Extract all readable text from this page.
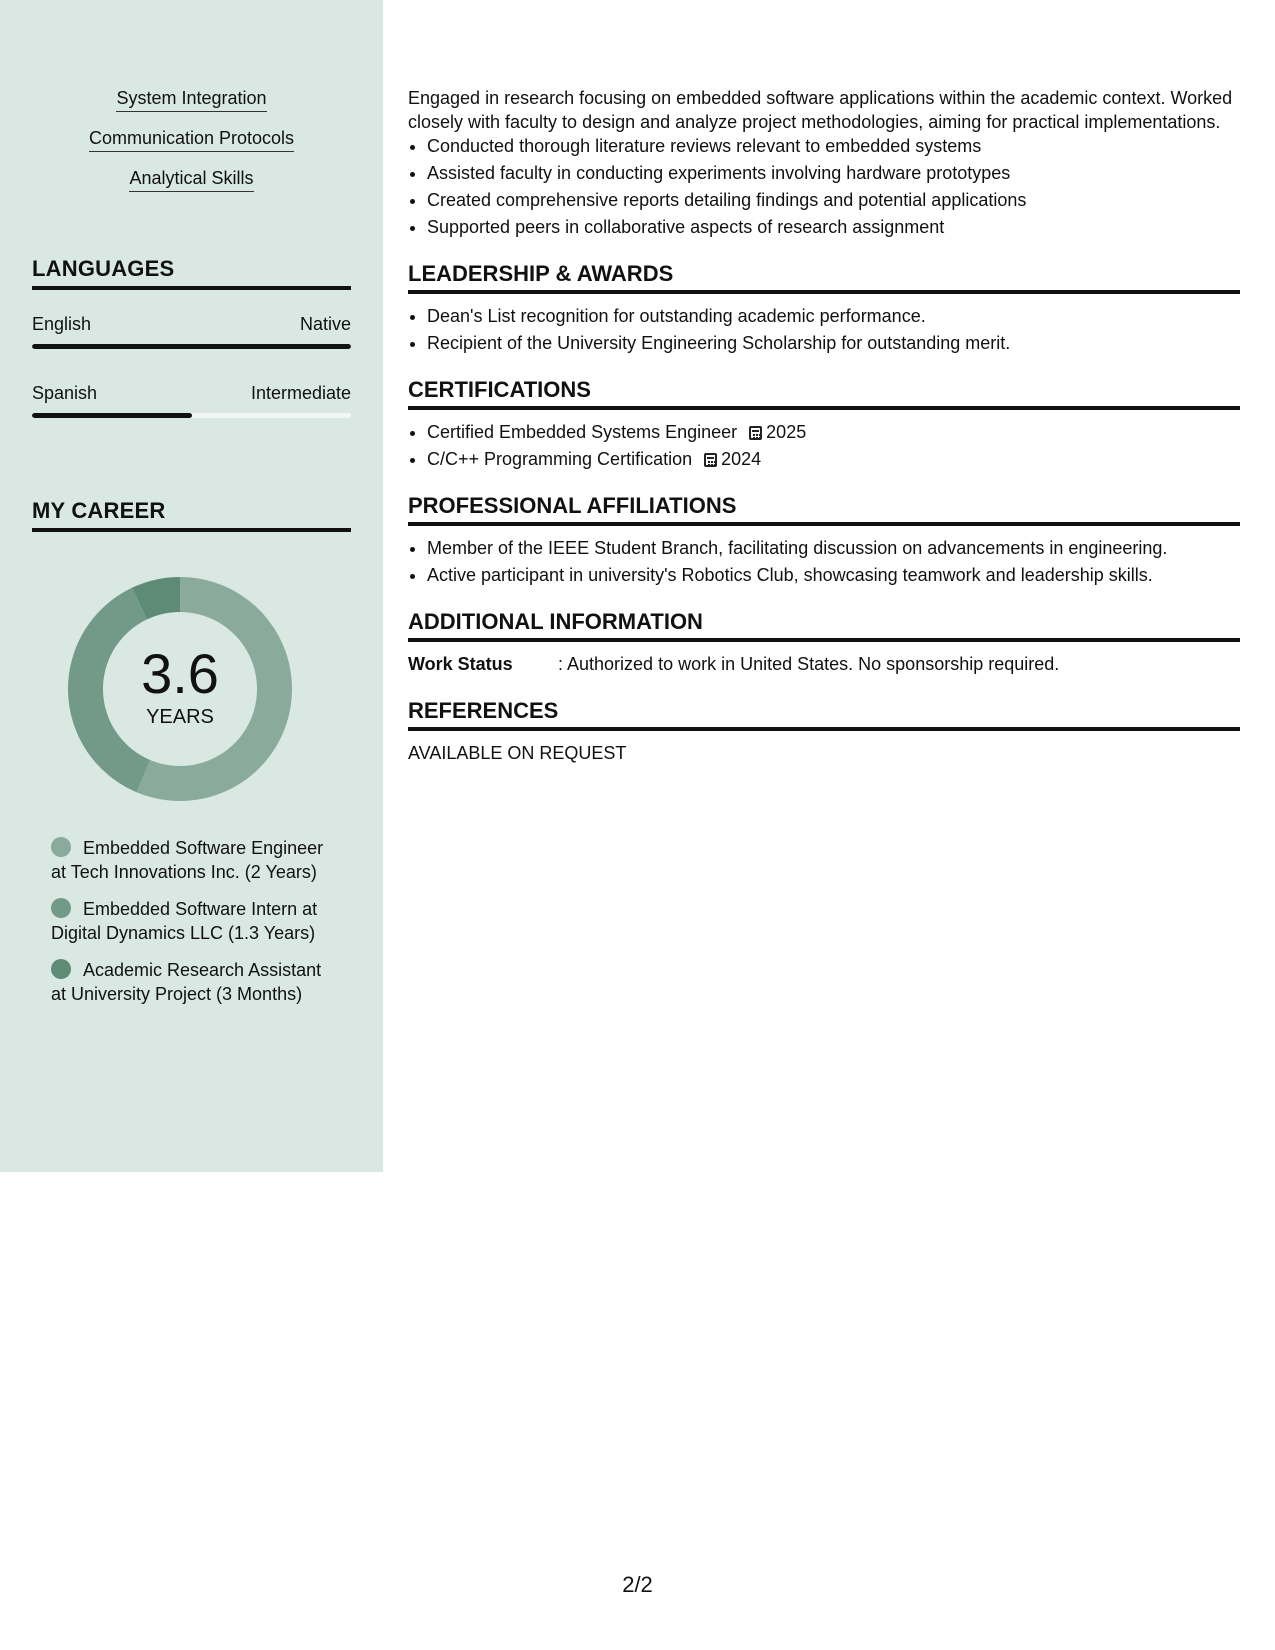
System Integration
Communication Protocols
Analytical Skills
LANGUAGES
English	Native
Spanish	Intermediate
MY CAREER
3.6
YEARS
Embedded Software Engineer at Tech Innovations Inc. (2 Years)
Embedded Software Intern at Digital Dynamics LLC (1.3 Years)
Academic Research Assistant at University Project (3 Months)

Engaged in research focusing on embedded software applications within the academic context. Worked closely with faculty to design and analyze project methodologies, aiming for practical implementations.

• Conducted thorough literature reviews relevant to embedded systems
• Assisted faculty in conducting experiments involving hardware prototypes
• Created comprehensive reports detailing findings and potential applications
• Supported peers in collaborative aspects of research assignment
LEADERSHIP & AWARDS
• Dean's List recognition for outstanding academic performance.
• Recipient of the University Engineering Scholarship for outstanding merit.
CERTIFICATIONS
• Certified Embedded Systems Engineer 2025
• C/C++ Programming Certification 2024
PROFESSIONAL AFFILIATIONS
• Member of the IEEE Student Branch, facilitating discussion on advancements in engineering.
• Active participant in university's Robotics Club, showcasing teamwork and leadership skills.
ADDITIONAL INFORMATION
Work Status	: Authorized to work in United States. No sponsorship required.
REFERENCES

AVAILABLE ON REQUEST

2/2
